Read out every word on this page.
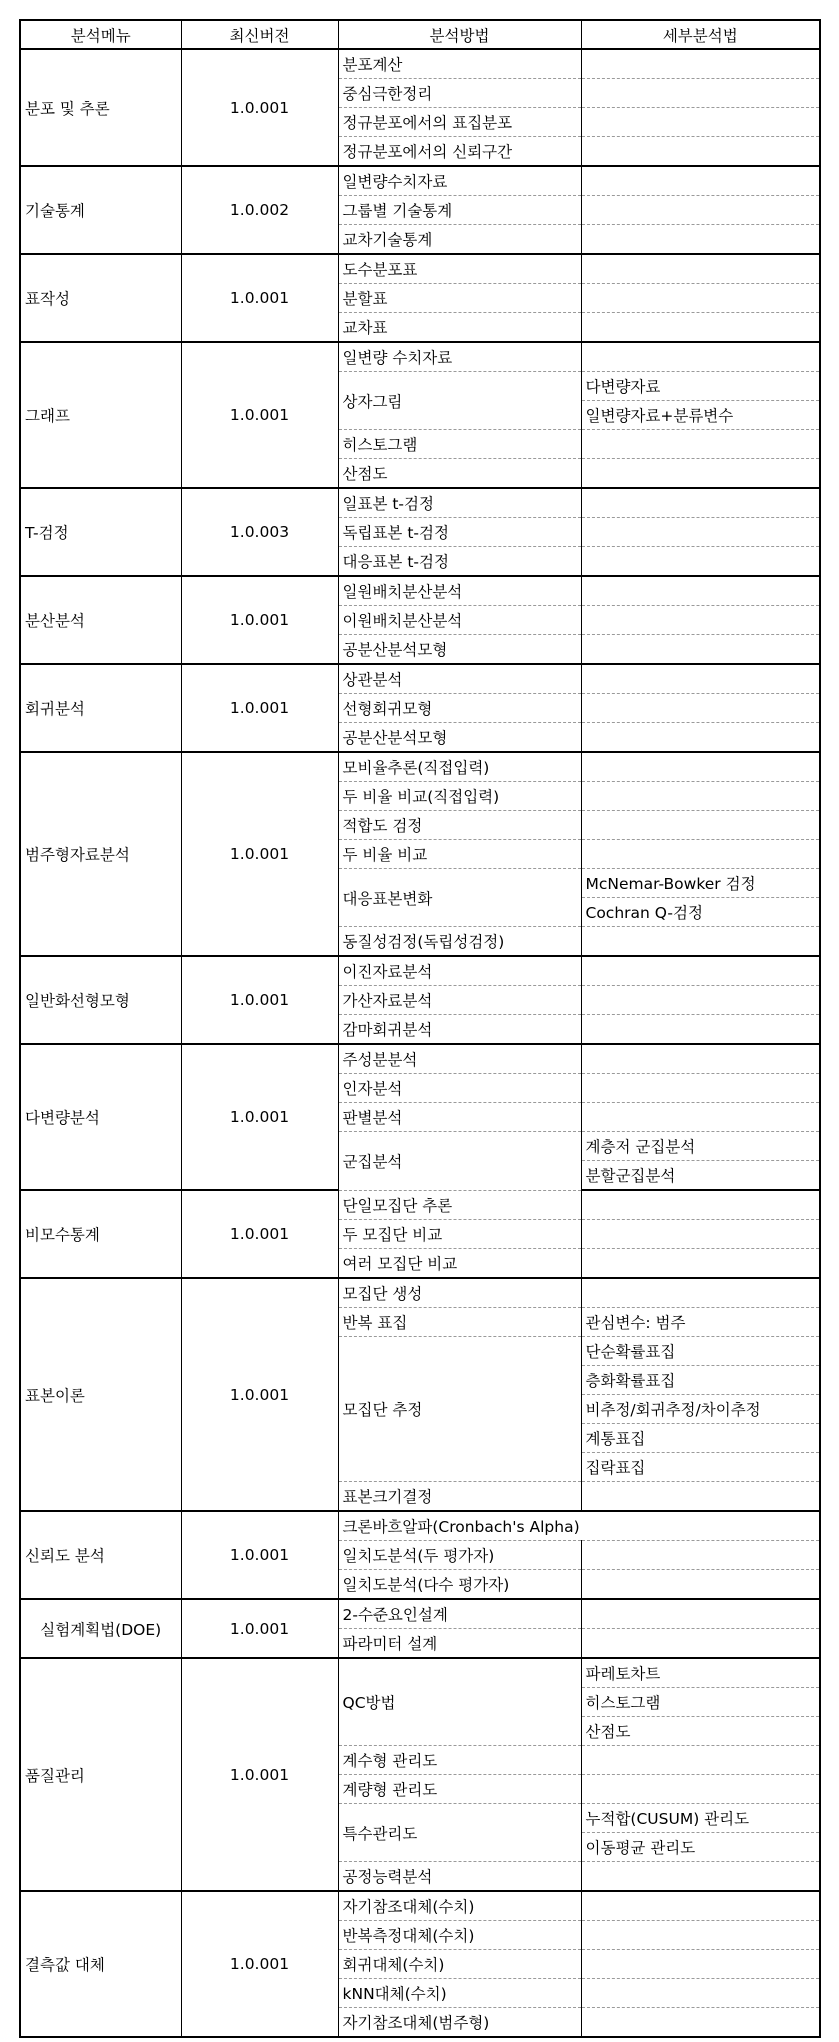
분석메뉴	최신버전	분석방법	세부분석법
분포 및 추론	1.0.001	분포계산	
		중심극한정리	
		정규분포에서의 표집분포	
		정규분포에서의 신뢰구간	
기술통계	1.0.002	일변량수치자료	
		그룹별 기술통계	
		교차기술통계	
표작성	1.0.001	도수분포표	
		분할표	
		교차표	
그래프	1.0.001	일변량 수치자료	
		상자그림	다변량자료
			일변량자료+분류변수
		히스토그램	
		산점도	
T-검정	1.0.003	일표본 t-검정	
		독립표본 t-검정	
		대응표본 t-검정	
분산분석	1.0.001	일원배치분산분석	
		이원배치분산분석	
		공분산분석모형	
회귀분석	1.0.001	상관분석	
		선형회귀모형	
		공분산분석모형	
범주형자료분석	1.0.001	모비율추론(직접입력)	
		두 비율 비교(직접입력)	
		적합도 검정	
		두 비율 비교	
		대응표본변화	McNemar-Bowker 검정
			Cochran Q-검정
		동질성검정(독립성검정)	
일반화선형모형	1.0.001	이진자료분석	
		가산자료분석	
		감마회귀분석	
다변량분석	1.0.001	주성분분석	
		인자분석	
		판별분석	
		군집분석	계층저 군집분석
			분할군집분석
비모수통계	1.0.001	단일모집단 추론	
		두 모집단 비교	
		여러 모집단 비교	
표본이론	1.0.001	모집단 생성	
		반복 표집	관심변수: 범주
		모집단 추정	단순확률표집
			층화확률표집
			비추정/회귀추정/차이추정
			계통표집
			집락표집
		표본크기결정	
신뢰도 분석	1.0.001	크론바흐알파(Cronbach's Alpha)	
		일치도분석(두 평가자)	
		일치도분석(다수 평가자)	
실험계획법(DOE)	1.0.001	2-수준요인설계	
		파라미터 설계	
품질관리	1.0.001	QC방법	파레토차트
			히스토그램
			산점도
		계수형 관리도	
		계량형 관리도	
		특수관리도	누적합(CUSUM) 관리도
			이동평균 관리도
		공정능력분석	
결측값 대체	1.0.001	자기참조대체(수치)	
		반복측정대체(수치)	
		회귀대체(수치)	
		kNN대체(수치)	
		자기참조대체(범주형)	
